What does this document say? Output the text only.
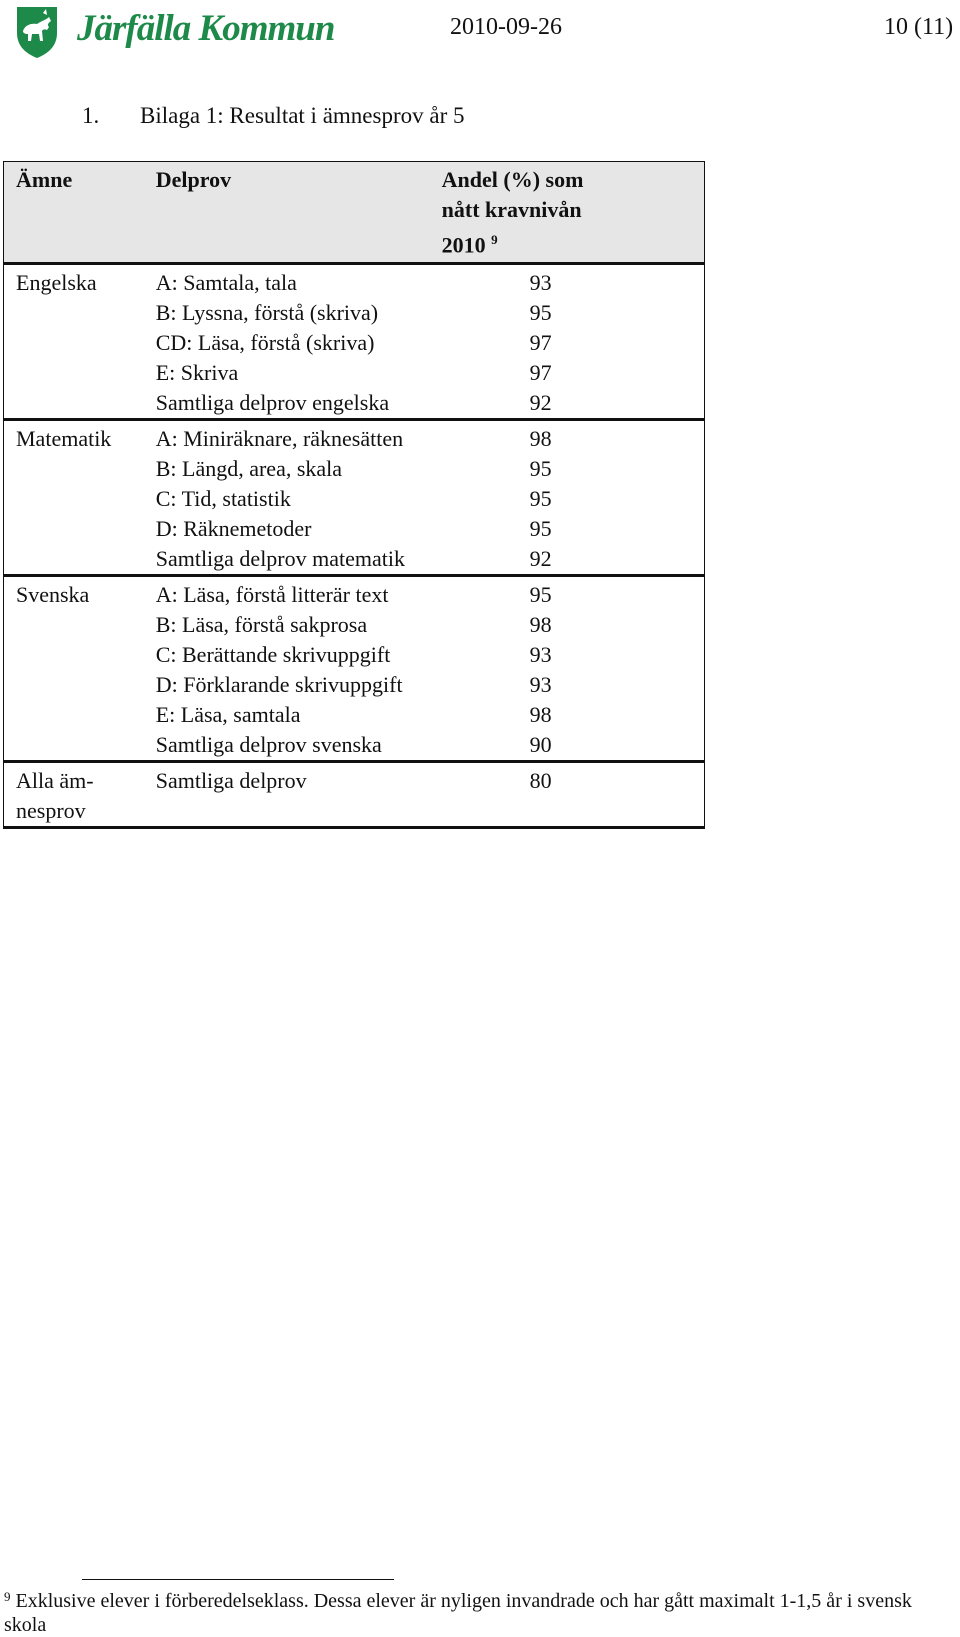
Järfälla Kommun	2010-09-26	10 (11)
1. Bilaga 1: Resultat i ämnesprov år 5
Ämne	Delprov	Andel (%) som
nått kravnivån
2010 $^9$

Engelska	A: Samtala, tala	93
	B: Lyssna, förstå (skriva)	95
	CD: Läsa, förstå (skriva)	97
	E: Skriva	97
	Samtliga delprov engelska	92
Matematik	A: Miniräknare, räknesätten	98
	B: Längd, area, skala	95
	C: Tid, statistik	95
	D: Räknemetoder	95
	Samtliga delprov matematik	92
Svenska	A: Läsa, förstå litterär text	95
	B: Läsa, förstå sakprosa	98
	C: Berättande skrivuppgift	93
	D: Förklarande skrivuppgift	93
	E: Läsa, samtala	98
	Samtliga delprov svenska	90

Alla äm-
nesprov	Samtliga delprov	80
$^9$ Exklusive elever i förberedelseklass. Dessa elever är nyligen invandrade och har gått maximalt 1-1,5 år i svensk skola
